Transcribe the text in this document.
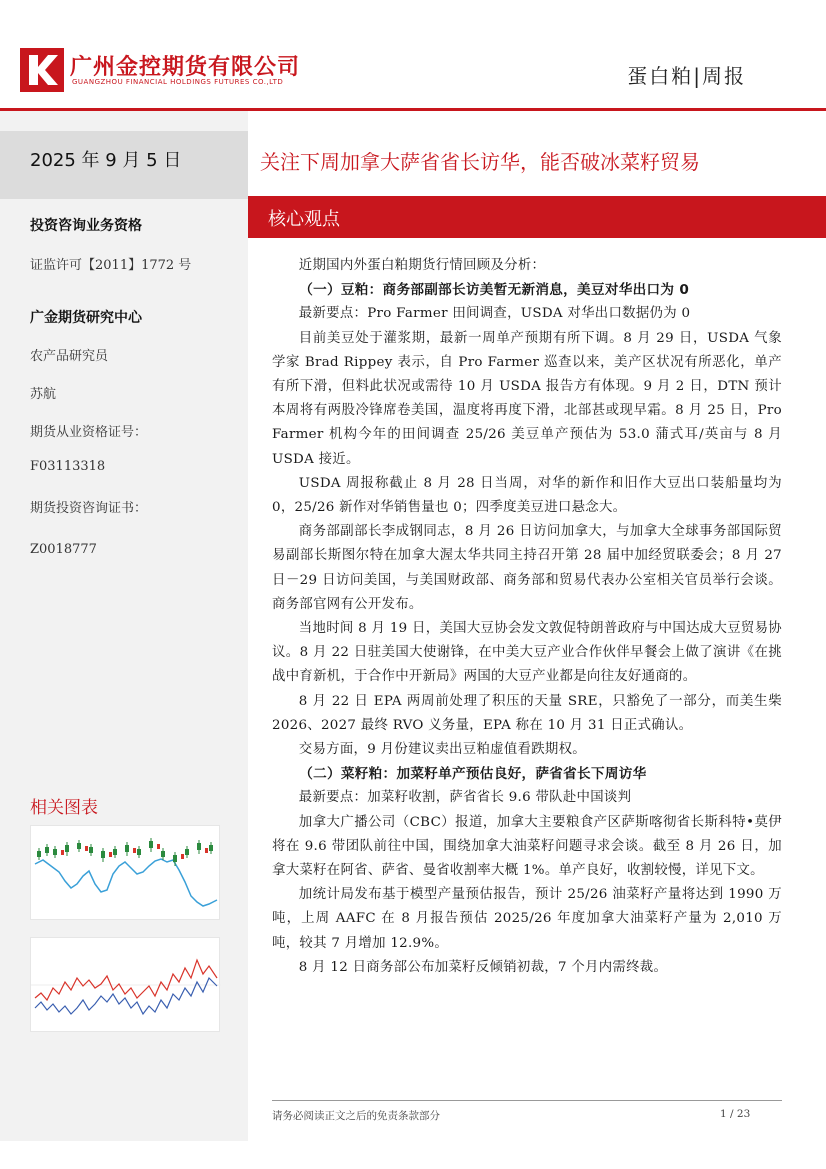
广州金控期货有限公司
GUANGZHOU FINANCIAL HOLDINGS FUTURES CO.,LTD	蛋白粕|周报
2025 年 9 月 5 日
投资咨询业务资格
证监许可【2011】1772 号
广金期货研究中心
农产品研究员
苏航
期货从业资格证号：
F03113318
期货投资咨询证书：
Z0018777
相关图表
关注下周加拿大萨省省长访华，能否破冰菜籽贸易
核心观点

近期国内外蛋白粕期货行情回顾及分析：

（一）豆粕：商务部副部长访美暂无新消息，美豆对华出口为 0

最新要点：Pro Farmer 田间调查，USDA 对华出口数据仍为 0

目前美豆处于灌浆期，最新一周单产预期有所下调。8 月 29 日，USDA 气象学家 Brad Rippey 表示，自 Pro Farmer 巡查以来，美产区状况有所恶化，单产有所下滑，但料此状况或需待 10 月 USDA 报告方有体现。9 月 2 日，DTN 预计本周将有两股冷锋席卷美国，温度将再度下滑，北部甚或现早霜。8 月 25 日，Pro Farmer 机构今年的田间调查 25/26 美豆单产预估为 53.0 蒲式耳/英亩与 8 月 USDA 接近。

USDA 周报称截止 8 月 28 日当周，对华的新作和旧作大豆出口装船量均为 0，25/26 新作对华销售量也 0；四季度美豆进口悬念大。

商务部副部长李成钢同志，8 月 26 日访问加拿大，与加拿大全球事务部国际贸易副部长斯图尔特在加拿大渥太华共同主持召开第 28 届中加经贸联委会；8 月 27 日－29 日访问美国，与美国财政部、商务部和贸易代表办公室相关官员举行会谈。商务部官网有公开发布。

当地时间 8 月 19 日，美国大豆协会发文敦促特朗普政府与中国达成大豆贸易协议。8 月 22 日驻美国大使谢锋，在中美大豆产业合作伙伴早餐会上做了演讲《在挑战中育新机，于合作中开新局》两国的大豆产业都是向往友好通商的。

8 月 22 日 EPA 两周前处理了积压的天量 SRE，只豁免了一部分，而美生柴 2026、2027 最终 RVO 义务量，EPA 称在 10 月 31 日正式确认。

交易方面，9 月份建议卖出豆粕虚值看跌期权。

（二）菜籽粕：加菜籽单产预估良好，萨省省长下周访华

最新要点：加菜籽收割，萨省省长 9.6 带队赴中国谈判

加拿大广播公司（CBC）报道，加拿大主要粮食产区萨斯喀彻省长斯科特•莫伊将在 9.6 带团队前往中国，围绕加拿大油菜籽问题寻求会谈。截至 8 月 26 日，加拿大菜籽在阿省、萨省、曼省收割率大概 1%。单产良好，收割较慢，详见下文。

加统计局发布基于模型产量预估报告，预计 25/26 油菜籽产量将达到 1990 万吨，上周 AAFC 在 8 月报告预估 2025/26 年度加拿大油菜籽产量为 2,010 万吨，较其 7 月增加 12.9%。

8 月 12 日商务部公布加菜籽反倾销初裁，7 个月内需终裁。

请务必阅读正文之后的免责条款部分	1 / 23
